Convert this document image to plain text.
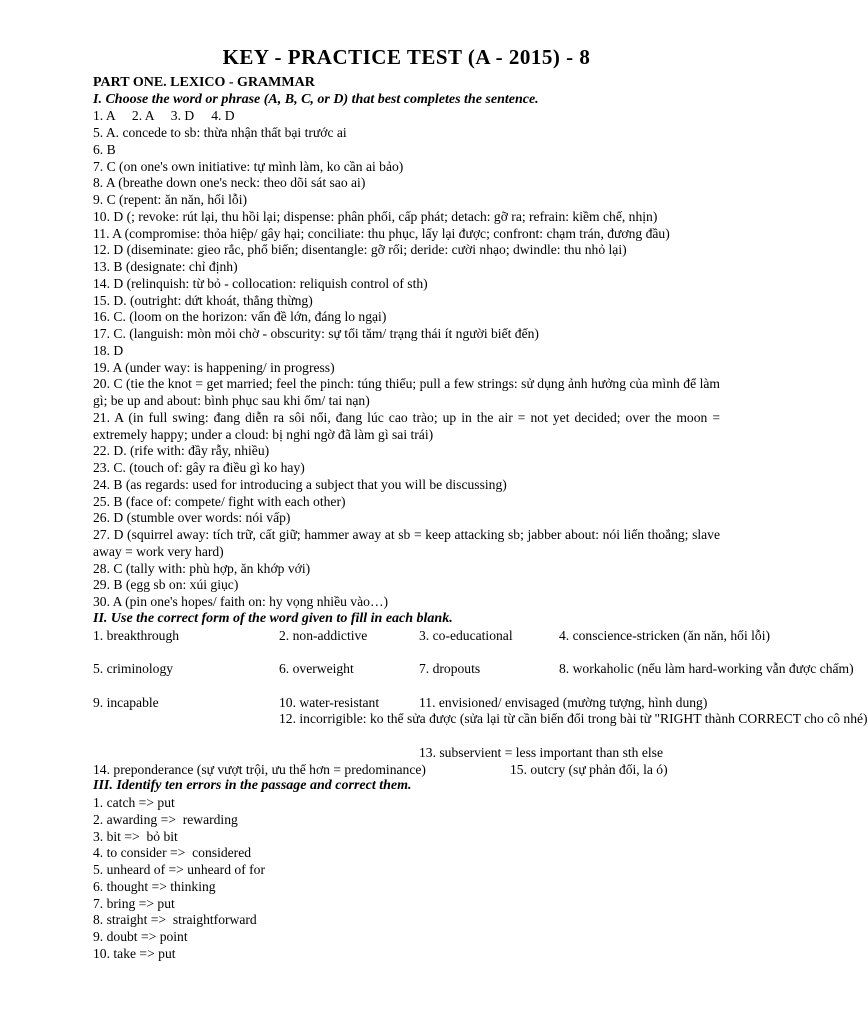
KEY - PRACTICE TEST (A - 2015) - 8
PART ONE. LEXICO - GRAMMAR
I. Choose the word or phrase (A, B, C, or D) that best completes the sentence.
1. A     2. A     3. D     4. D
5. A. concede to sb: thừa nhận thất bại trước ai
6. B
7. C (on one's own initiative: tự mình làm, ko cần ai bảo)
8. A (breathe down one's neck: theo dõi sát sao ai)
9. C (repent: ăn năn, hối lỗi)
10. D (; revoke: rút lại, thu hồi lại; dispense: phân phối, cấp phát; detach: gỡ ra; refrain: kiềm chế, nhịn)
11. A (compromise: thỏa hiệp/ gây hại; conciliate: thu phục, lấy lại được; confront: chạm trán, đương đầu)
12. D (diseminate: gieo rắc, phổ biến; disentangle: gỡ rối; deride: cười nhạo; dwindle: thu nhỏ lại)
13. B (designate: chỉ định)
14. D (relinquish: từ bỏ - collocation: reliquish control of sth)
15. D. (outright: dứt khoát, thẳng thừng)
16. C. (loom on the horizon: vấn đề lớn, đáng lo ngại)
17. C. (languish: mòn mỏi chờ - obscurity: sự tối tăm/ trạng thái ít người biết đến)
18. D
19. A (under way: is happening/ in progress)
20. C (tie the knot = get married; feel the pinch: túng thiếu; pull a few strings: sử dụng ảnh hưởng của mình để làm gì; be up and about: bình phục sau khi ốm/ tai nạn)
21. A (in full swing: đang diễn ra sôi nổi, đang lúc cao trào; up in the air = not yet decided; over the moon = extremely happy; under a cloud: bị nghi ngờ đã làm gì sai trái)
22. D. (rife with: đầy rẫy, nhiều)
23. C. (touch of: gây ra điều gì ko hay)
24. B (as regards: used for introducing a subject that you will be discussing)
25. B (face of: compete/ fight with each other)
26. D (stumble over words: nói vấp)
27. D (squirrel away: tích trữ, cất giữ; hammer away at sb = keep attacking sb; jabber about: nói liến thoắng; slave away = work very hard)
28. C (tally with: phù hợp, ăn khớp với)
29. B (egg sb on: xúi giục)
30. A (pin one's hopes/ faith on: hy vọng nhiều vào…)
II. Use the correct form of the word given to fill in each blank.
1. breakthrough	2. non-addictive	3. co-educational	4. conscience-stricken (ăn năn, hối lỗi)
5. criminology	6. overweight	7. dropouts	8. workaholic (nếu làm hard-working vẫn được chấm)
9. incapable	10. water-resistant	11. envisioned/ envisaged (mường tượng, hình dung)
12. incorrigible: ko thể sửa được (sửa lại từ cần biến đổi trong bài từ "RIGHT thành CORRECT cho cô nhé)
13. subservient = less important than sth else
14. preponderance (sự vượt trội, ưu thế hơn = predominance)	15. outcry (sự phản đối, la ó)
III. Identify ten errors in the passage and correct them.
1. catch => put
2. awarding =>  rewarding
3. bit =>  bỏ bit
4. to consider =>  considered
5. unheard of => unheard of for
6. thought => thinking
7. bring => put
8. straight =>  straightforward
9. doubt => point
10. take => put
